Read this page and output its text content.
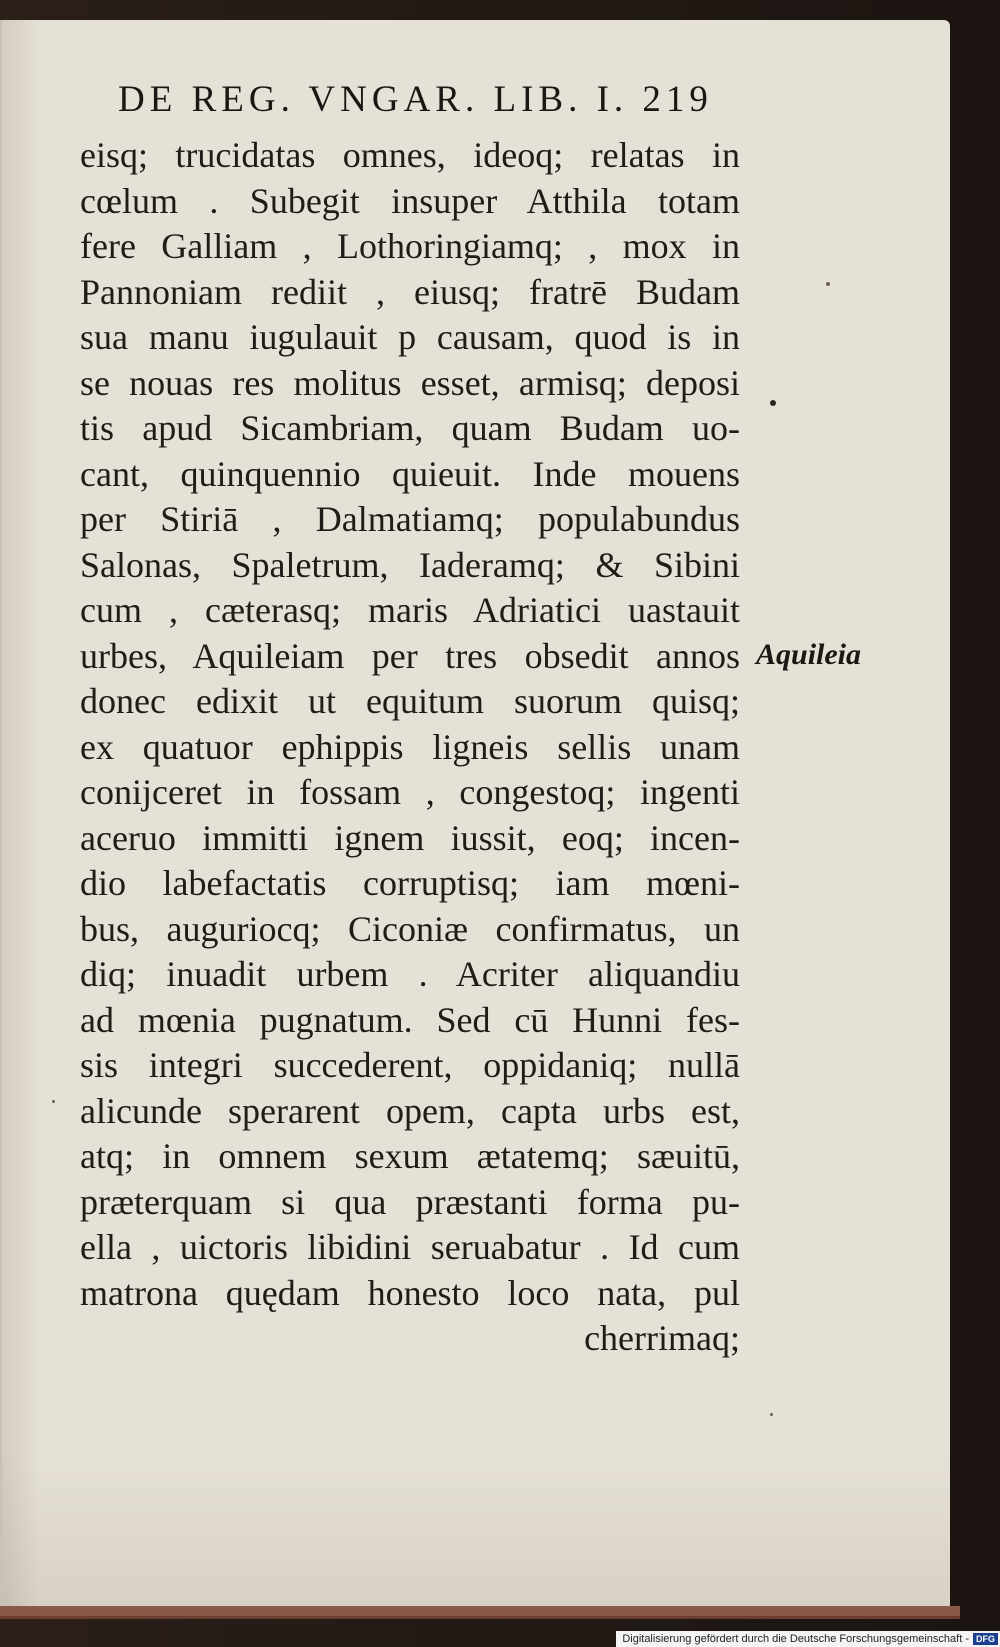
DE REG. VNGAR. LIB. I. 219
eisq; trucidatas omnes, ideoq; relatas in
cœlum . Subegit insuper Atthila totam
fere Galliam , Lothoringiamq; , mox in
Pannoniam rediit , eiusq; fratrē Budam
sua manu iugulauit p causam, quod is in
se nouas res molitus esset, armisq; deposi
tis apud Sicambriam, quam Budam uo-
cant, quinquennio quieuit. Inde mouens
per Stiriā , Dalmatiamq; populabundus
Salonas, Spaletrum, Iaderamq; & Sibini
cum , cæterasq; maris Adriatici uastauit
urbes, Aquileiam per tres obsedit annos
donec edixit ut equitum suorum quisq;
ex quatuor ephippis ligneis sellis unam
conijceret in fossam , congestoq; ingenti
aceruo immitti ignem iussit, eoq; incen-
dio labefactatis corruptisq; iam mœni-
bus, auguriocq; Ciconiæ confirmatus, un
diq; inuadit urbem . Acriter aliquandiu
ad mœnia pugnatum. Sed cū Hunni fes-
sis integri succederent, oppidaniq; nullā
alicunde sperarent opem, capta urbs est,
atq; in omnem sexum ætatemq; sæuitū,
præterquam si qua præstanti forma pu-
ella , uictoris libidini seruabatur . Id cum
matrona quędam honesto loco nata, pul
cherrimaq;
Aquileia
Digitalisierung gefördert durch die Deutsche Forschungsgemeinschaft - DFG
